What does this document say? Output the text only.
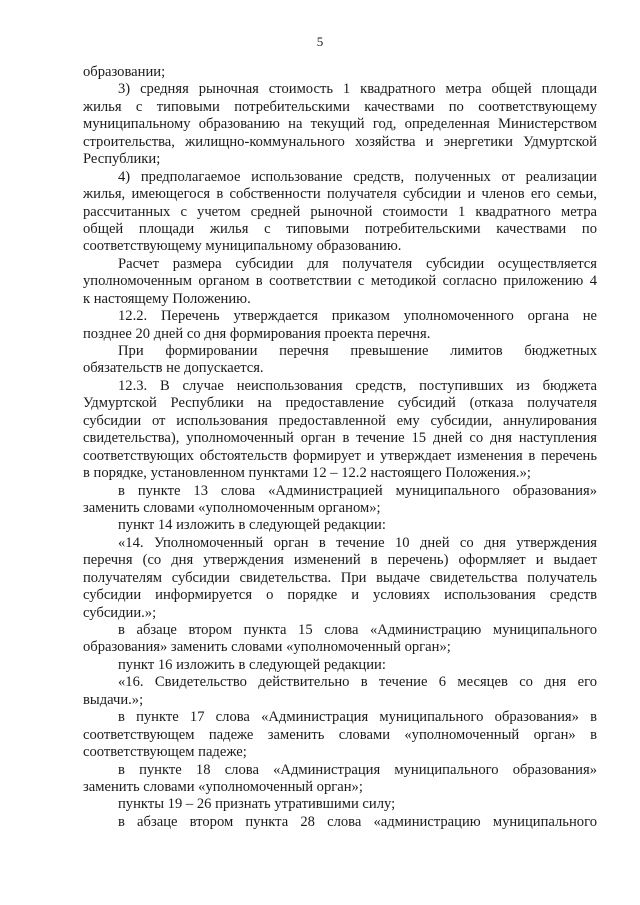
5
образовании;
3) средняя рыночная стоимость 1 квадратного метра общей площади
жилья с типовыми потребительскими качествами по соответствующему
муниципальному образованию на текущий год, определенная Министерством
строительства, жилищно-коммунального хозяйства и энергетики Удмуртской
Республики;
4) предполагаемое использование средств, полученных от реализации
жилья, имеющегося в собственности получателя субсидии и членов его семьи,
рассчитанных с учетом средней рыночной стоимости 1 квадратного метра
общей площади жилья с типовыми потребительскими качествами по
соответствующему муниципальному образованию.
Расчет размера субсидии для получателя субсидии осуществляется
уполномоченным органом в соответствии с методикой согласно приложению 4
к настоящему Положению.
12.2. Перечень утверждается приказом уполномоченного органа не
позднее 20 дней со дня формирования проекта перечня.
При формировании перечня превышение лимитов бюджетных
обязательств не допускается.
12.3. В случае неиспользования средств, поступивших из бюджета
Удмуртской Республики на предоставление субсидий (отказа получателя
субсидии от использования предоставленной ему субсидии, аннулирования
свидетельства), уполномоченный орган в течение 15 дней со дня наступления
соответствующих обстоятельств формирует и утверждает изменения в перечень
в порядке, установленном пунктами 12 – 12.2 настоящего Положения.»;
в пункте 13 слова «Администрацией муниципального образования»
заменить словами «уполномоченным органом»;
пункт 14 изложить в следующей редакции:
«14. Уполномоченный орган в течение 10 дней со дня утверждения
перечня (со дня утверждения изменений в перечень) оформляет и выдает
получателям субсидии свидетельства. При выдаче свидетельства получатель
субсидии информируется о порядке и условиях использования средств
субсидии.»;
в абзаце втором пункта 15 слова «Администрацию муниципального
образования» заменить словами «уполномоченный орган»;
пункт 16 изложить в следующей редакции:
«16. Свидетельство действительно в течение 6 месяцев со дня его
выдачи.»;
в пункте 17 слова «Администрация муниципального образования» в
соответствующем падеже заменить словами «уполномоченный орган» в
соответствующем падеже;
в пункте 18 слова «Администрация муниципального образования»
заменить словами «уполномоченный орган»;
пункты 19 – 26 признать утратившими силу;
в абзаце втором пункта 28 слова «администрацию муниципального
